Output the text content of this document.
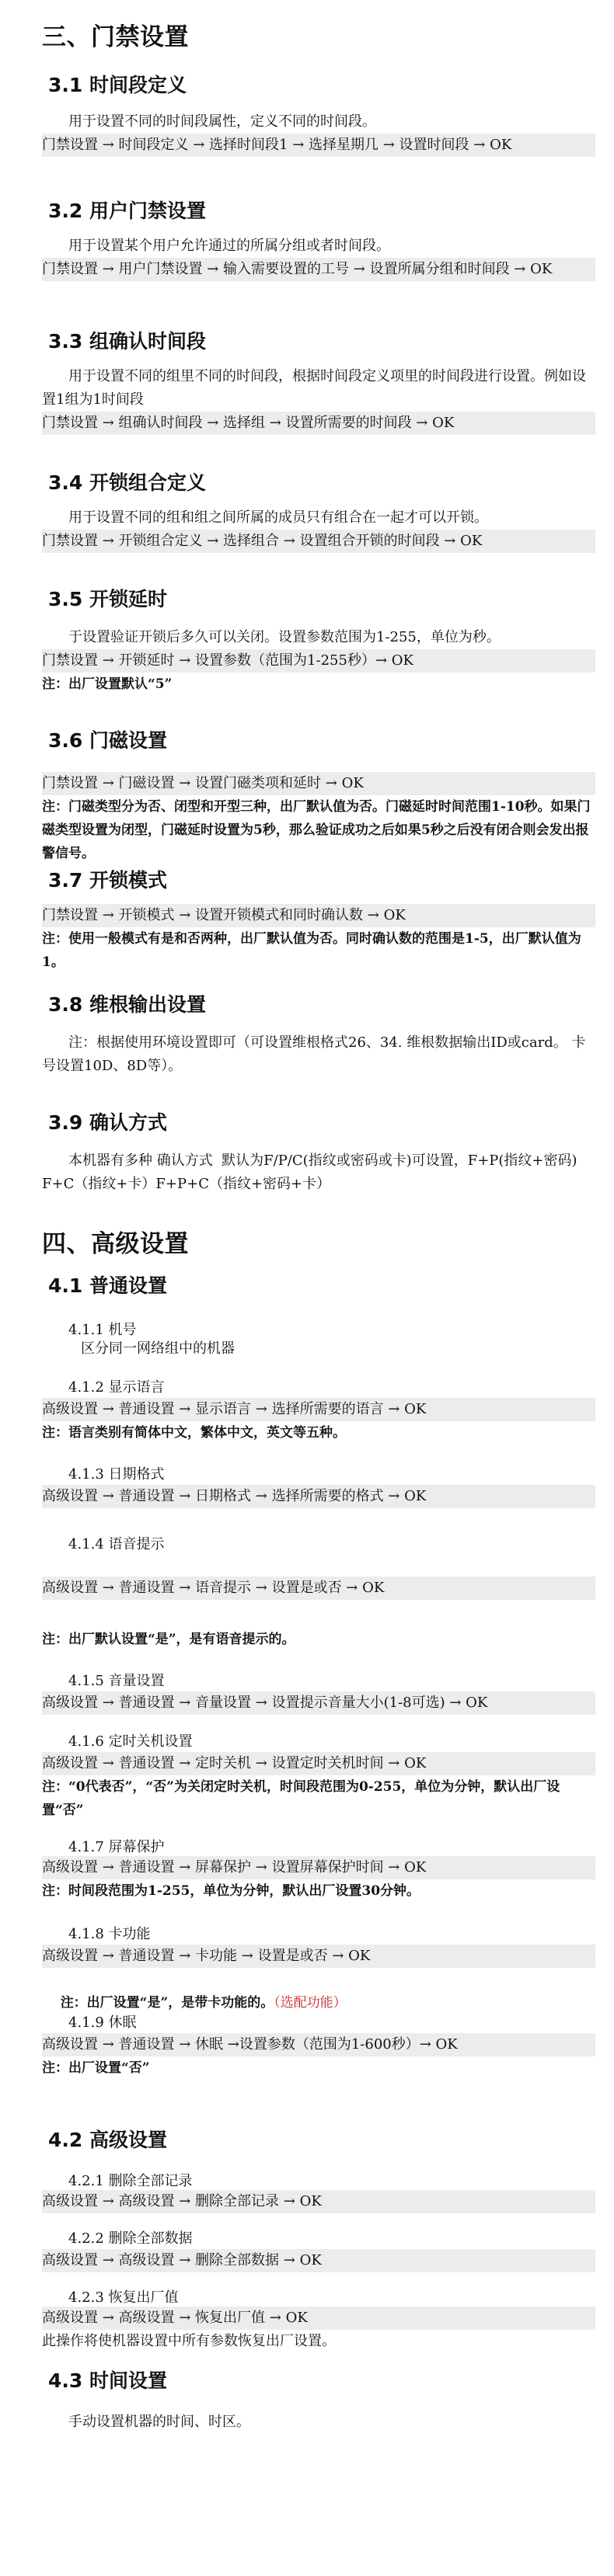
三、门禁设置
3.1 时间段定义
用于设置不同的时间段属性，定义不同的时间段。
门禁设置 → 时间段定义 → 选择时间段1 → 选择星期几 → 设置时间段 → OK
3.2 用户门禁设置
用于设置某个用户允许通过的所属分组或者时间段。
门禁设置 → 用户门禁设置 → 输入需要设置的工号 → 设置所属分组和时间段 → OK
3.3 组确认时间段
用于设置不同的组里不同的时间段，根据时间段定义项里的时间段进行设置。例如设置1组为1时间段
门禁设置 → 组确认时间段 → 选择组 → 设置所需要的时间段 → OK
3.4 开锁组合定义
用于设置不同的组和组之间所属的成员只有组合在一起才可以开锁。
门禁设置 → 开锁组合定义 → 选择组合 → 设置组合开锁的时间段 → OK
3.5 开锁延时
于设置验证开锁后多久可以关闭。设置参数范围为1-255，单位为秒。
门禁设置 → 开锁延时 → 设置参数（范围为1-255秒）→ OK
注：出厂设置默认“5”
3.6 门磁设置
门禁设置 → 门磁设置 → 设置门磁类项和延时 → OK
注：门磁类型分为否、闭型和开型三种，出厂默认值为否。门磁延时时间范围1-10秒。如果门磁类型设置为闭型，门磁延时设置为5秒，那么验证成功之后如果5秒之后没有闭合则会发出报警信号。
3.7 开锁模式
门禁设置 → 开锁模式 → 设置开锁模式和同时确认数 → OK
注：使用一般模式有是和否两种，出厂默认值为否。同时确认数的范围是1-5，出厂默认值为1。
3.8 维根输出设置
注：根据使用环境设置即可（可设置维根格式26、34. 维根数据输出ID或card。 卡号设置10D、8D等）。
3.9 确认方式
本机器有多种 确认方式  默认为F/P/C(指纹或密码或卡)可设置，F+P(指纹+密码) F+C（指纹+卡）F+P+C（指纹+密码+卡）
四、高级设置
4.1 普通设置
4.1.1 机号
区分同一网络组中的机器
4.1.2 显示语言
高级设置 → 普通设置 → 显示语言 → 选择所需要的语言 → OK
注：语言类别有简体中文，繁体中文，英文等五种。
4.1.3 日期格式
高级设置 → 普通设置 → 日期格式 → 选择所需要的格式 → OK
4.1.4 语音提示
高级设置 → 普通设置 → 语音提示 → 设置是或否 → OK
注：出厂默认设置“是”，是有语音提示的。
4.1.5 音量设置
高级设置 → 普通设置 → 音量设置 → 设置提示音量大小(1-8可选) → OK
4.1.6 定时关机设置
高级设置 → 普通设置 → 定时关机 → 设置定时关机时间 → OK
注：“0代表否”，“否”为关闭定时关机，时间段范围为0-255，单位为分钟，默认出厂设置“否”
4.1.7 屏幕保护
高级设置 → 普通设置 → 屏幕保护 → 设置屏幕保护时间 → OK
注：时间段范围为1-255，单位为分钟，默认出厂设置30分钟。
4.1.8 卡功能
高级设置 → 普通设置 → 卡功能 → 设置是或否 → OK

注：出厂设置“是”，是带卡功能的。（选配功能）

4.1.9 休眠
高级设置 → 普通设置 → 休眠 →设置参数（范围为1-600秒）→ OK
注：出厂设置“否”
4.2 高级设置
4.2.1 删除全部记录
高级设置 → 高级设置 → 删除全部记录 → OK
4.2.2 删除全部数据
高级设置 → 高级设置 → 删除全部数据 → OK
4.2.3 恢复出厂值
高级设置 → 高级设置 → 恢复出厂值 → OK
此操作将使机器设置中所有参数恢复出厂设置。
4.3 时间设置
手动设置机器的时间、时区。
